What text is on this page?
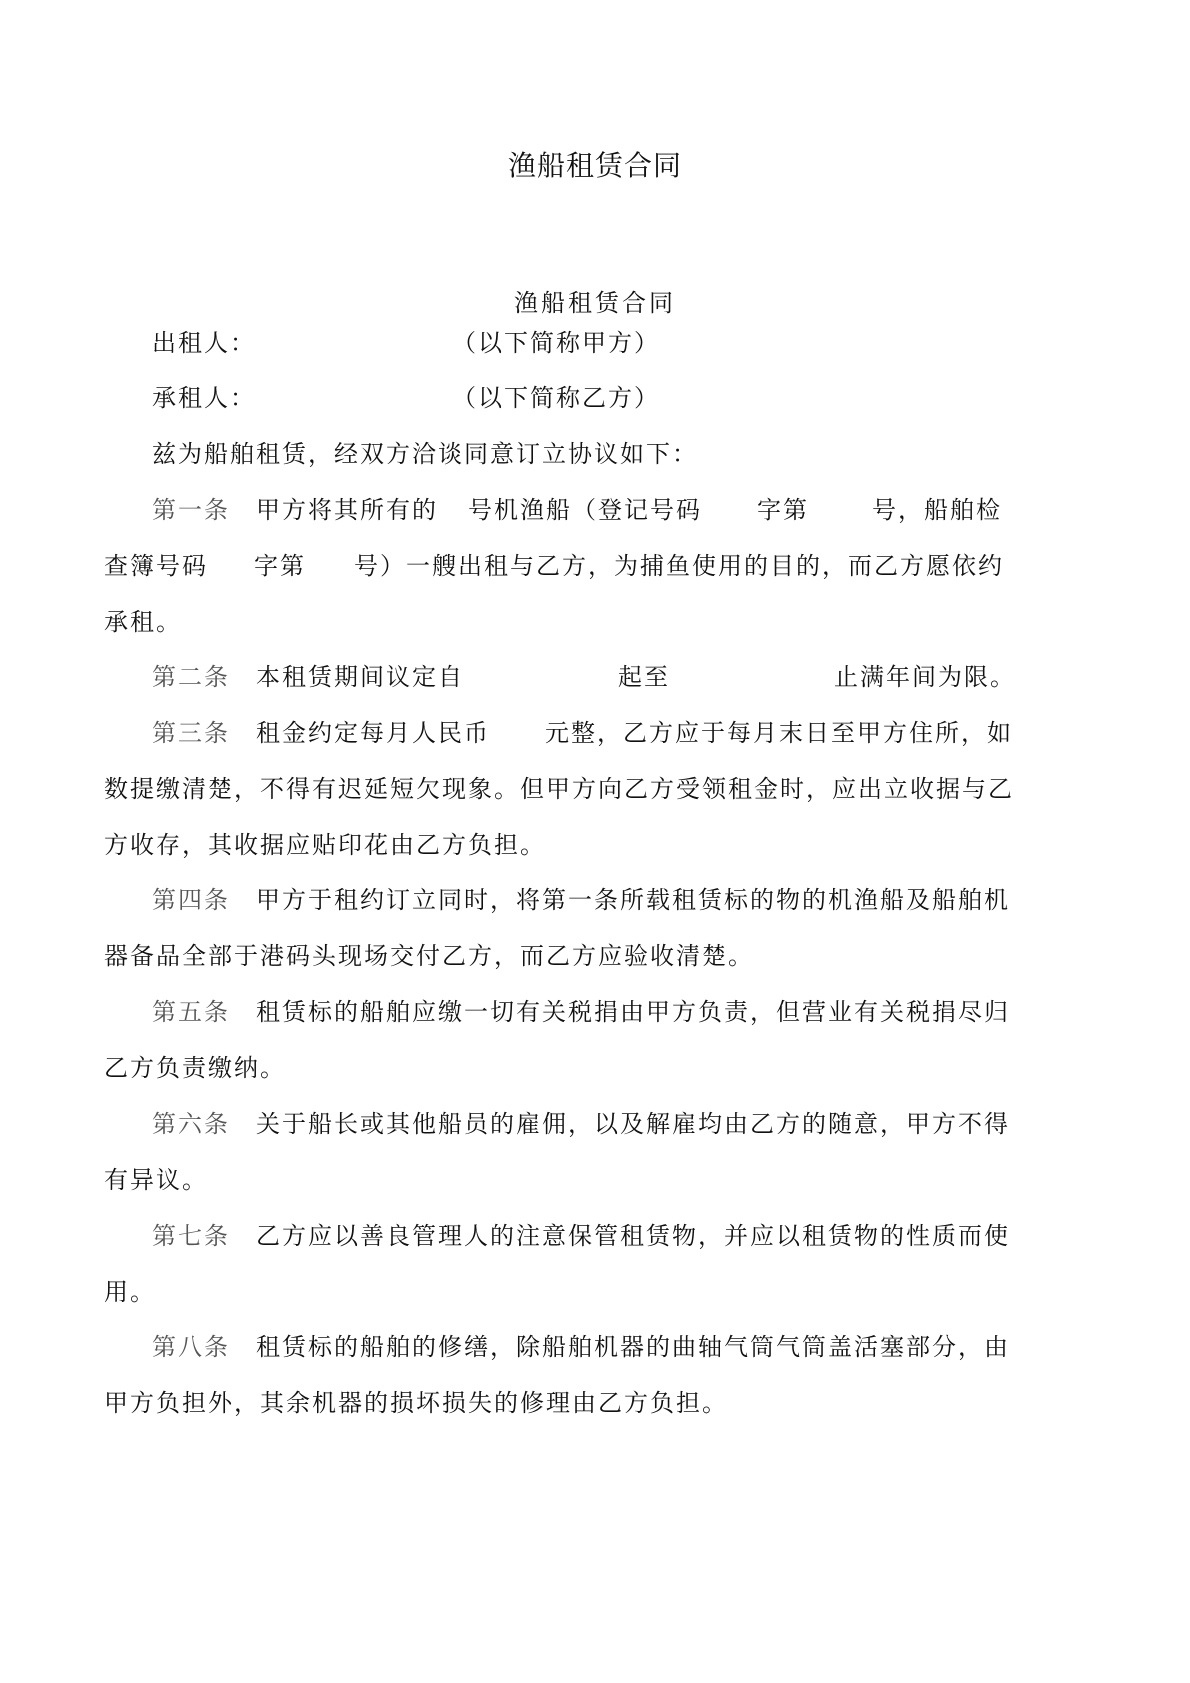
渔船租赁合同
渔船租赁合同
出租人：	（以下简称甲方）
承租人：	（以下简称乙方）
兹为船舶租赁，经双方洽谈同意订立协议如下：
第一条 甲方将其所有的 号机渔船（登记号码 字第	号，船舶检
查簿号码 字第 号）一艘出租与乙方，为捕鱼使用的目的，而乙方愿依约
承租。
第二条 本租赁期间议定自	起至	止满年间为限。
第三条 租金约定每月人民币 元整，乙方应于每月末日至甲方住所，如
数提缴清楚，不得有迟延短欠现象。但甲方向乙方受领租金时，应出立收据与乙
方收存，其收据应贴印花由乙方负担。
第四条 甲方于租约订立同时，将第一条所载租赁标的物的机渔船及船舶机
器备品全部于港码头现场交付乙方，而乙方应验收清楚。
第五条 租赁标的船舶应缴一切有关税捐由甲方负责，但营业有关税捐尽归
乙方负责缴纳。
第六条 关于船长或其他船员的雇佣，以及解雇均由乙方的随意，甲方不得
有异议。
第七条 乙方应以善良管理人的注意保管租赁物，并应以租赁物的性质而使
用。
第八条 租赁标的船舶的修缮，除船舶机器的曲轴气筒气筒盖活塞部分，由
甲方负担外，其余机器的损坏损失的修理由乙方负担。
